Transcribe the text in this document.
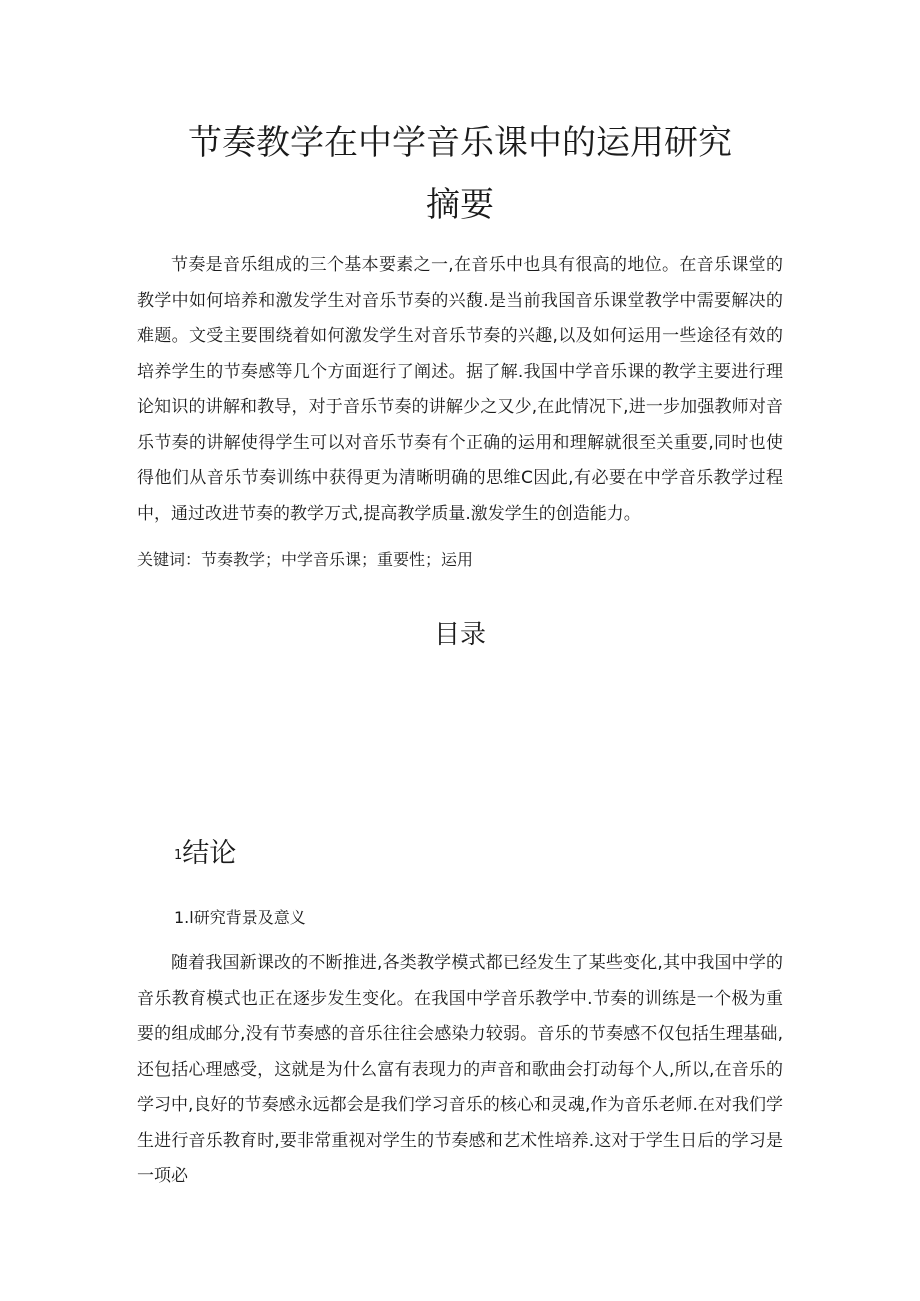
节奏教学在中学音乐课中的运用研究
摘要

节奏是音乐组成的三个基本要素之一,在音乐中也具有很高的地位。在音乐课堂的教学中如何培养和激发学生对音乐节奏的兴馥.是当前我国音乐课堂教学中需要解决的难题。文受主要围绕着如何激发学生对音乐节奏的兴趣,以及如何运用一些途径有效的培养学生的节奏感等几个方面逛行了阐述。据了解.我国中学音乐课的教学主要进行理论知识的讲解和教导，对于音乐节奏的讲解少之又少,在此情况下,进一步加强教师对音乐节奏的讲解使得学生可以对音乐节奏有个正确的运用和理解就很至关重要,同时也使得他们从音乐节奏训练中获得更为清晰明确的思维C因此,有必要在中学音乐教学过程中，通过改进节奏的教学万式,提高教学质量.激发学生的创造能力。

关键词：节奏教学；中学音乐课；重要性；运用

目录
1结论
1.l研究背景及意义

随着我国新课改的不断推进,各类教学模式都已经发生了某些变化,其中我国中学的音乐教育模式也正在逐步发生变化。在我国中学音乐教学中.节奏的训练是一个极为重要的组成邮分,没有节奏感的音乐往往会感染力较弱。音乐的节奏感不仅包括生理基础,还包括心理感受，这就是为什么富有表现力的声音和歌曲会打动每个人,所以,在音乐的学习中,良好的节奏感永远都会是我们学习音乐的核心和灵魂,作为音乐老师.在对我们学生进行音乐教育时,要非常重视对学生的节奏感和艺术性培养.这对于学生日后的学习是一项必
